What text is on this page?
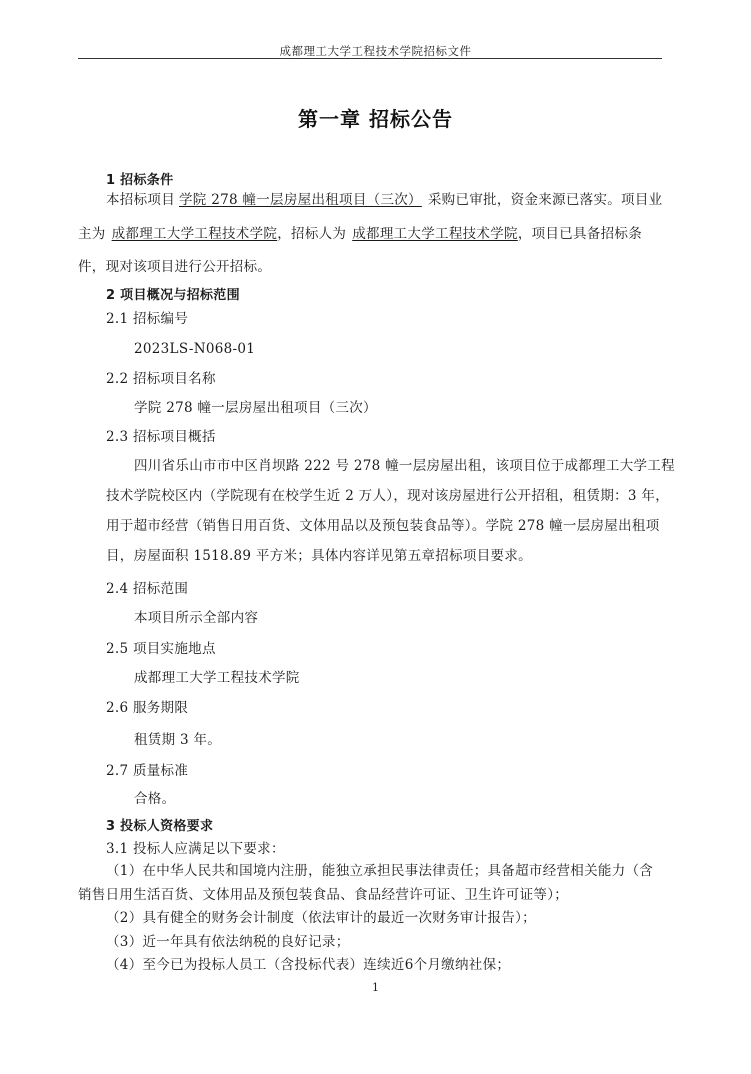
成都理工大学工程技术学院招标文件
第一章 招标公告
1 招标条件
本招标项目 学院 278 幢一层房屋出租项目（三次） 采购已审批，资金来源已落实。项目业
主为 成都理工大学工程技术学院，招标人为 成都理工大学工程技术学院，项目已具备招标条
件，现对该项目进行公开招标。
2 项目概况与招标范围
2.1 招标编号
2023LS-N068-01
2.2 招标项目名称
学院 278 幢一层房屋出租项目（三次）
2.3 招标项目概括
四川省乐山市市中区肖坝路 222 号 278 幢一层房屋出租，该项目位于成都理工大学工程
技术学院校区内（学院现有在校学生近 2 万人），现对该房屋进行公开招租，租赁期：3 年，
用于超市经营（销售日用百货、文体用品以及预包装食品等）。学院 278 幢一层房屋出租项
目，房屋面积 1518.89 平方米；具体内容详见第五章招标项目要求。
2.4 招标范围
本项目所示全部内容
2.5 项目实施地点
成都理工大学工程技术学院
2.6 服务期限
租赁期 3 年。
2.7 质量标准
合格。
3 投标人资格要求
3.1 投标人应满足以下要求：
（1）在中华人民共和国境内注册，能独立承担民事法律责任；具备超市经营相关能力（含
销售日用生活百货、文体用品及预包装食品、食品经营许可证、卫生许可证等）；
（2）具有健全的财务会计制度（依法审计的最近一次财务审计报告）；
（3）近一年具有依法纳税的良好记录；
（4）至今已为投标人员工（含投标代表）连续近6个月缴纳社保；
1
